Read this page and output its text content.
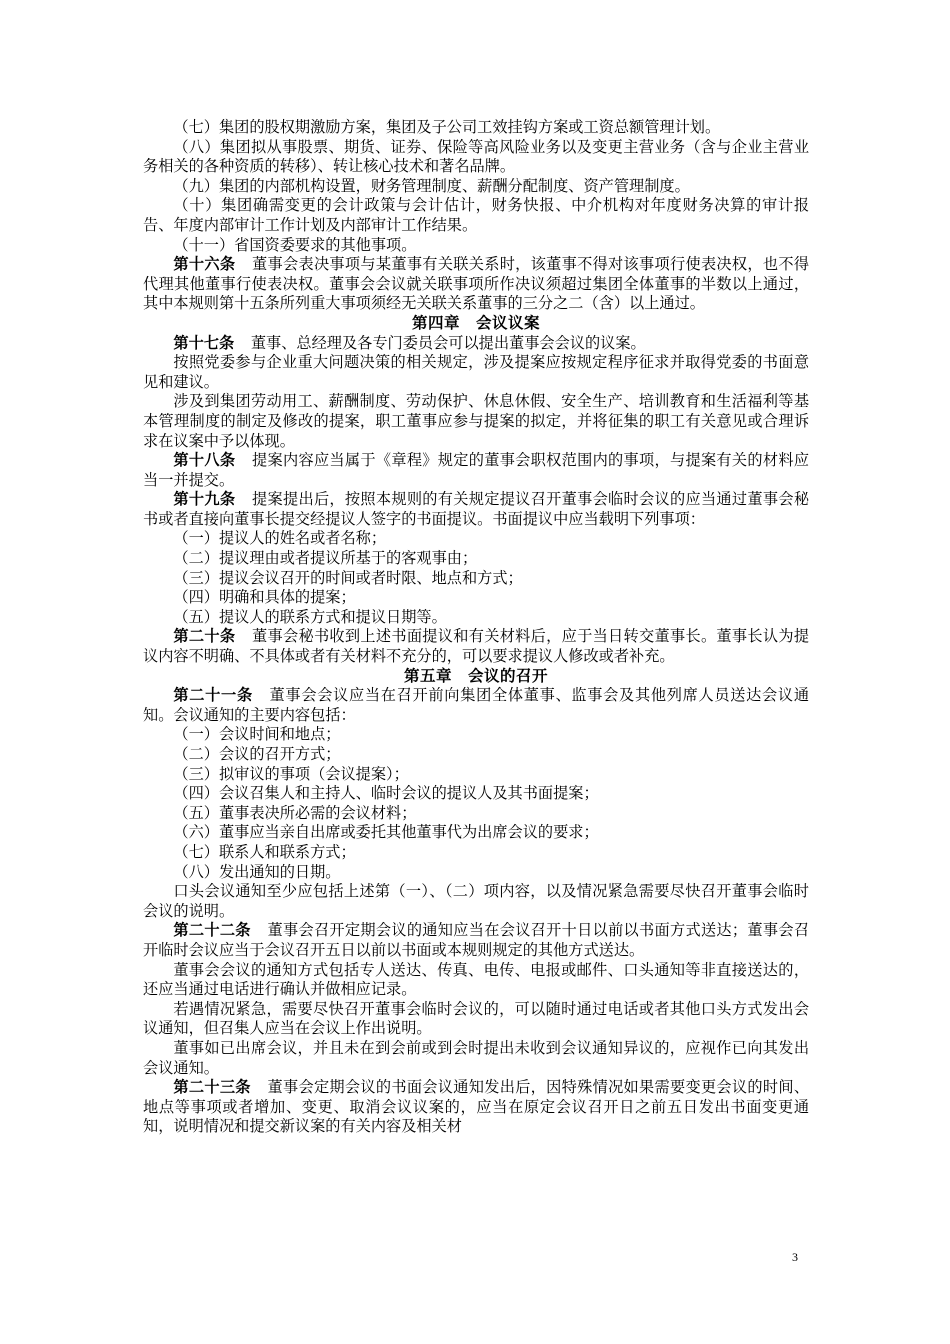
（七）集团的股权期激励方案，集团及子公司工效挂钩方案或工资总额管理计划。

（八）集团拟从事股票、期货、证券、保险等高风险业务以及变更主营业务（含与企业主营业务相关的各种资质的转移）、转让核心技术和著名品牌。

（九）集团的内部机构设置，财务管理制度、薪酬分配制度、资产管理制度。

（十）集团确需变更的会计政策与会计估计，财务快报、中介机构对年度财务决算的审计报告、年度内部审计工作计划及内部审计工作结果。

（十一）省国资委要求的其他事项。

第十六条 董事会表决事项与某董事有关联关系时，该董事不得对该事项行使表决权，也不得代理其他董事行使表决权。董事会会议就关联事项所作决议须超过集团全体董事的半数以上通过，其中本规则第十五条所列重大事项须经无关联关系董事的三分之二（含）以上通过。

第四章　会议议案

第十七条 董事、总经理及各专门委员会可以提出董事会会议的议案。

按照党委参与企业重大问题决策的相关规定，涉及提案应按规定程序征求并取得党委的书面意见和建议。

涉及到集团劳动用工、薪酬制度、劳动保护、休息休假、安全生产、培训教育和生活福利等基本管理制度的制定及修改的提案，职工董事应参与提案的拟定，并将征集的职工有关意见或合理诉求在议案中予以体现。

第十八条 提案内容应当属于《章程》规定的董事会职权范围内的事项，与提案有关的材料应当一并提交。

第十九条 提案提出后，按照本规则的有关规定提议召开董事会临时会议的应当通过董事会秘书或者直接向董事长提交经提议人签字的书面提议。书面提议中应当载明下列事项：

（一）提议人的姓名或者名称；

（二）提议理由或者提议所基于的客观事由；

（三）提议会议召开的时间或者时限、地点和方式；

（四）明确和具体的提案；

（五）提议人的联系方式和提议日期等。

第二十条 董事会秘书收到上述书面提议和有关材料后，应于当日转交董事长。董事长认为提议内容不明确、不具体或者有关材料不充分的，可以要求提议人修改或者补充。

第五章　会议的召开

第二十一条 董事会会议应当在召开前向集团全体董事、监事会及其他列席人员送达会议通知。会议通知的主要内容包括：

（一）会议时间和地点；

（二）会议的召开方式；

（三）拟审议的事项（会议提案）；

（四）会议召集人和主持人、临时会议的提议人及其书面提案；

（五）董事表决所必需的会议材料；

（六）董事应当亲自出席或委托其他董事代为出席会议的要求；

（七）联系人和联系方式；

（八）发出通知的日期。

口头会议通知至少应包括上述第（一）、（二）项内容，以及情况紧急需要尽快召开董事会临时会议的说明。

第二十二条 董事会召开定期会议的通知应当在会议召开十日以前以书面方式送达；董事会召开临时会议应当于会议召开五日以前以书面或本规则规定的其他方式送达。

董事会会议的通知方式包括专人送达、传真、电传、电报或邮件、口头通知等非直接送达的，还应当通过电话进行确认并做相应记录。

若遇情况紧急，需要尽快召开董事会临时会议的，可以随时通过电话或者其他口头方式发出会议通知，但召集人应当在会议上作出说明。

董事如已出席会议，并且未在到会前或到会时提出未收到会议通知异议的，应视作已向其发出会议通知。

第二十三条 董事会定期会议的书面会议通知发出后，因特殊情况如果需要变更会议的时间、地点等事项或者增加、变更、取消会议议案的，应当在原定会议召开日之前五日发出书面变更通知，说明情况和提交新议案的有关内容及相关材

3
